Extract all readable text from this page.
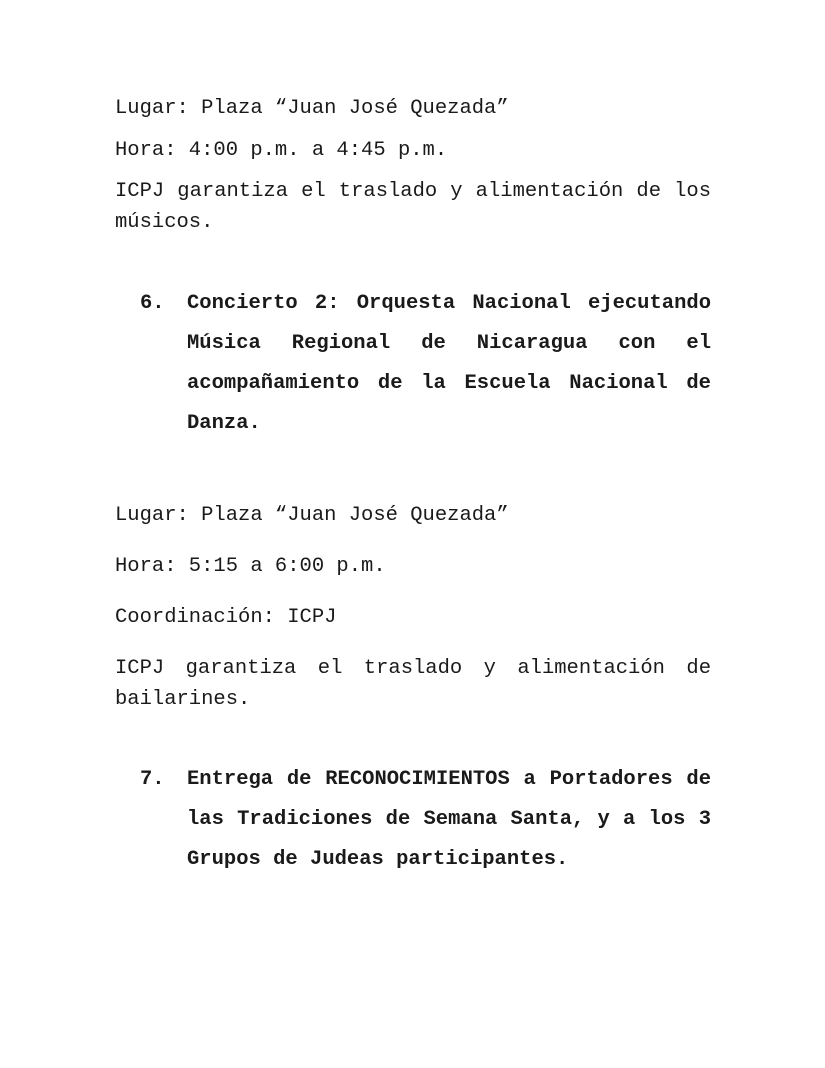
Lugar: Plaza “Juan José Quezada”

Hora: 4:00 p.m. a 4:45 p.m.

ICPJ garantiza el traslado y alimentación de los músicos.

6. Concierto 2: Orquesta Nacional ejecutando Música Regional de Nicaragua con el acompañamiento de la Escuela Nacional de Danza.

Lugar: Plaza “Juan José Quezada”

Hora: 5:15 a 6:00 p.m.

Coordinación: ICPJ

ICPJ garantiza el traslado y alimentación de bailarines.

7. Entrega de RECONOCIMIENTOS a Portadores de las Tradiciones de Semana Santa, y a los 3 Grupos de Judeas participantes.
